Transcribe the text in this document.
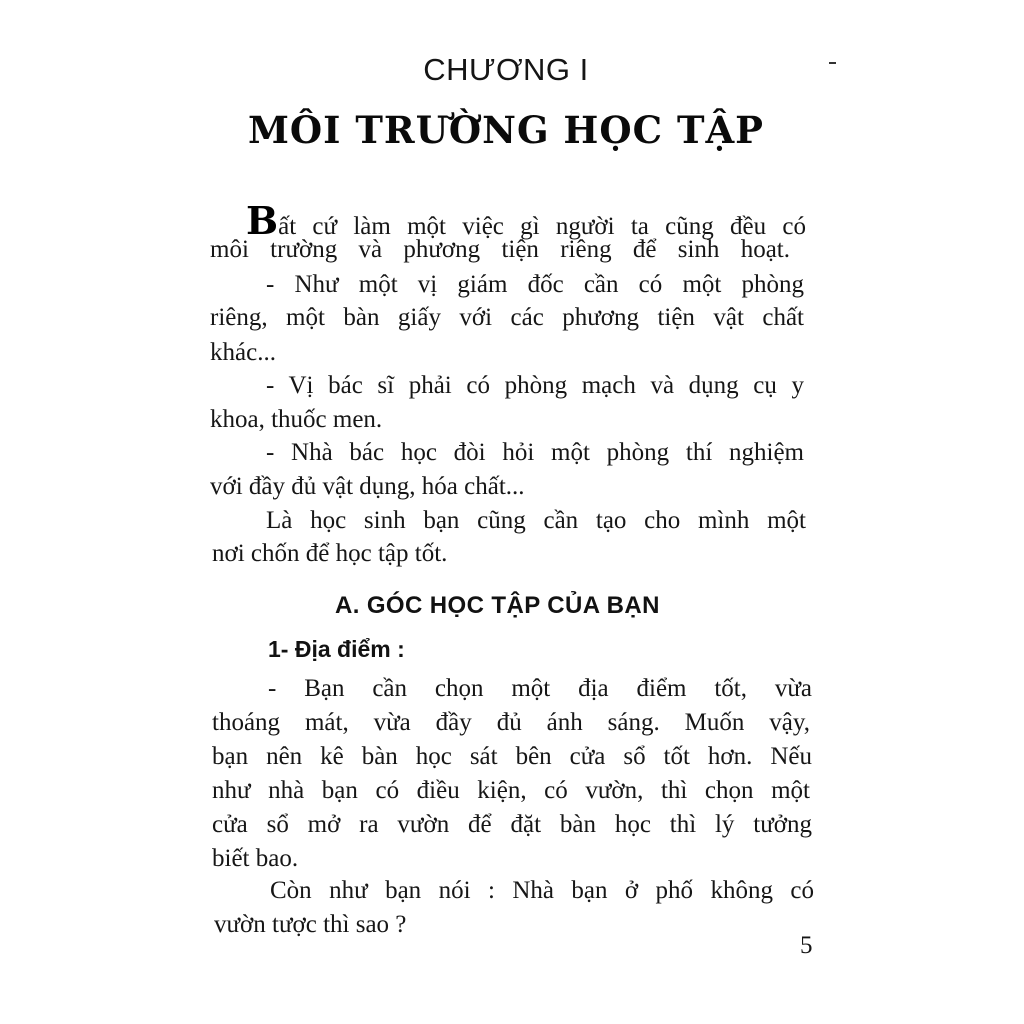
CHƯƠNG I
MÔI TRƯỜNG HỌC TẬP
Bất cứ làm một việc gì người ta cũng đều có
môi trường và phương tiện riêng để sinh hoạt.
- Như một vị giám đốc cần có một phòng
riêng, một bàn giấy với các phương tiện vật chất
khác...
- Vị bác sĩ phải có phòng mạch và dụng cụ y
khoa, thuốc men.
- Nhà bác học đòi hỏi một phòng thí nghiệm
với đầy đủ vật dụng, hóa chất...
Là học sinh bạn cũng cần tạo cho mình một
nơi chốn để học tập tốt.
A. GÓC HỌC TẬP CỦA BẠN
1- Địa điểm :
- Bạn cần chọn một địa điểm tốt, vừa
thoáng mát, vừa đầy đủ ánh sáng. Muốn vậy,
bạn nên kê bàn học sát bên cửa sổ tốt hơn. Nếu
như nhà bạn có điều kiện, có vườn, thì chọn một
cửa sổ mở ra vườn để đặt bàn học thì lý tưởng
biết bao.
Còn như bạn nói : Nhà bạn ở phố không có
vườn tược thì sao ?
5
